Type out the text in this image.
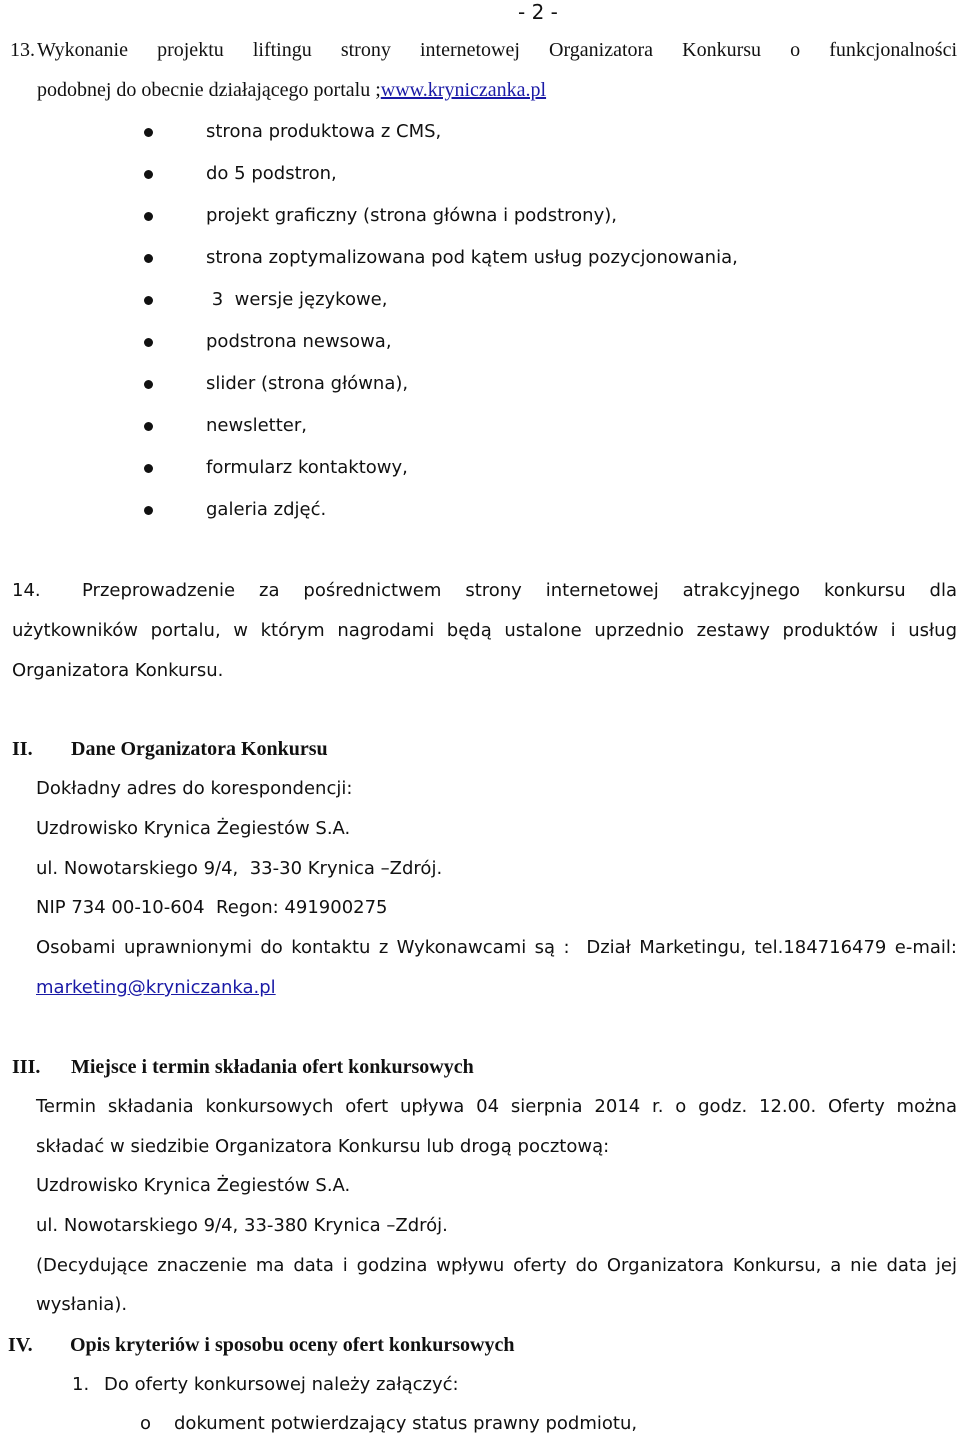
- 2 -
13. Wykonanie projektu liftingu strony internetowej Organizatora Konkursu o funkcjonalności
podobnej do obecnie działającego portalu ;www.kryniczanka.pl
strona produktowa z CMS,
do 5 podstron,
projekt graficzny (strona główna i podstrony),
strona zoptymalizowana pod kątem usług pozycjonowania,
3  wersje językowe,
podstrona newsowa,
slider (strona główna),
newsletter,
formularz kontaktowy,
galeria zdjęć.
14. Przeprowadzenie za pośrednictwem strony internetowej atrakcyjnego konkursu dla
użytkowników portalu, w którym nagrodami będą ustalone uprzednio zestawy produktów i usług
Organizatora Konkursu.
II. Dane Organizatora Konkursu
Dokładny adres do korespondencji:
Uzdrowisko Krynica Żegiestów S.A.
ul. Nowotarskiego 9/4,  33-30 Krynica –Zdrój.
NIP 734 00-10-604  Regon: 491900275
Osobami uprawnionymi do kontaktu z Wykonawcami są :  Dział Marketingu, tel.184716479 e-mail:
marketing@kryniczanka.pl
III. Miejsce i termin składania ofert konkursowych
Termin składania konkursowych ofert upływa 04 sierpnia 2014 r. o godz. 12.00. Oferty można
składać w siedzibie Organizatora Konkursu lub drogą pocztową:
Uzdrowisko Krynica Żegiestów S.A.
ul. Nowotarskiego 9/4, 33-380 Krynica –Zdrój.
(Decydujące znaczenie ma data i godzina wpływu oferty do Organizatora Konkursu, a nie data jej
wysłania).
IV. Opis kryteriów i sposobu oceny ofert konkursowych
1. Do oferty konkursowej należy załączyć:
o dokument potwierdzający status prawny podmiotu,
